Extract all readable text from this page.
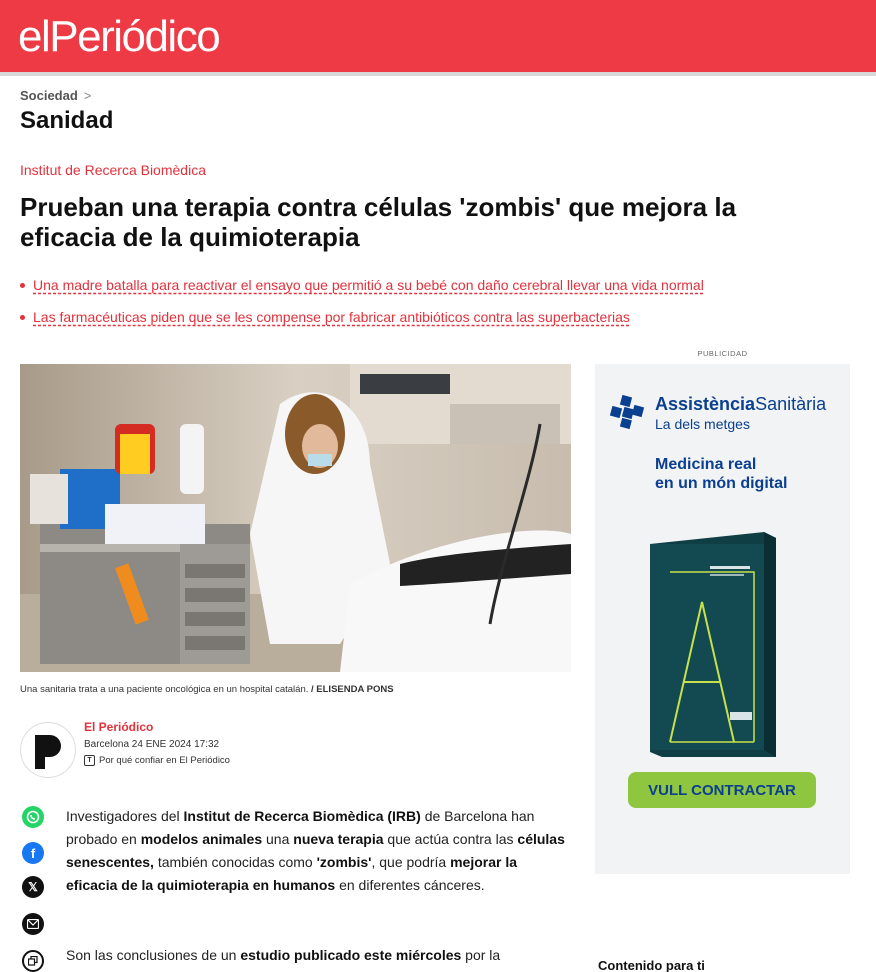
elPeriódico
Sociedad >
Sanidad
Institut de Recerca Biomèdica
Prueban una terapia contra células 'zombis' que mejora la eficacia de la quimioterapia
Una madre batalla para reactivar el ensayo que permitió a su bebé con daño cerebral llevar una vida normal
Las farmacéuticas piden que se les compense por fabricar antibióticos contra las superbacterias
Una sanitaria trata a una paciente oncológica en un hospital catalán. / ELISENDA PONS
El Periódico
Barcelona 24 ENE 2024 17:32
T Por qué confiar en El Periódico
f
𝕏

Investigadores del Institut de Recerca Biomèdica (IRB) de Barcelona han probado en modelos animales una nueva terapia que actúa contra las células senescentes, también conocidas como 'zombis', que podría mejorar la eficacia de la quimioterapia en humanos en diferentes cánceres.

Son las conclusiones de un estudio publicado este miércoles por la

PUBLICIDAD
AssistènciaSanitària
La dels metges
Medicina real
en un món digital
VULL CONTRACTAR
Contenido para ti
